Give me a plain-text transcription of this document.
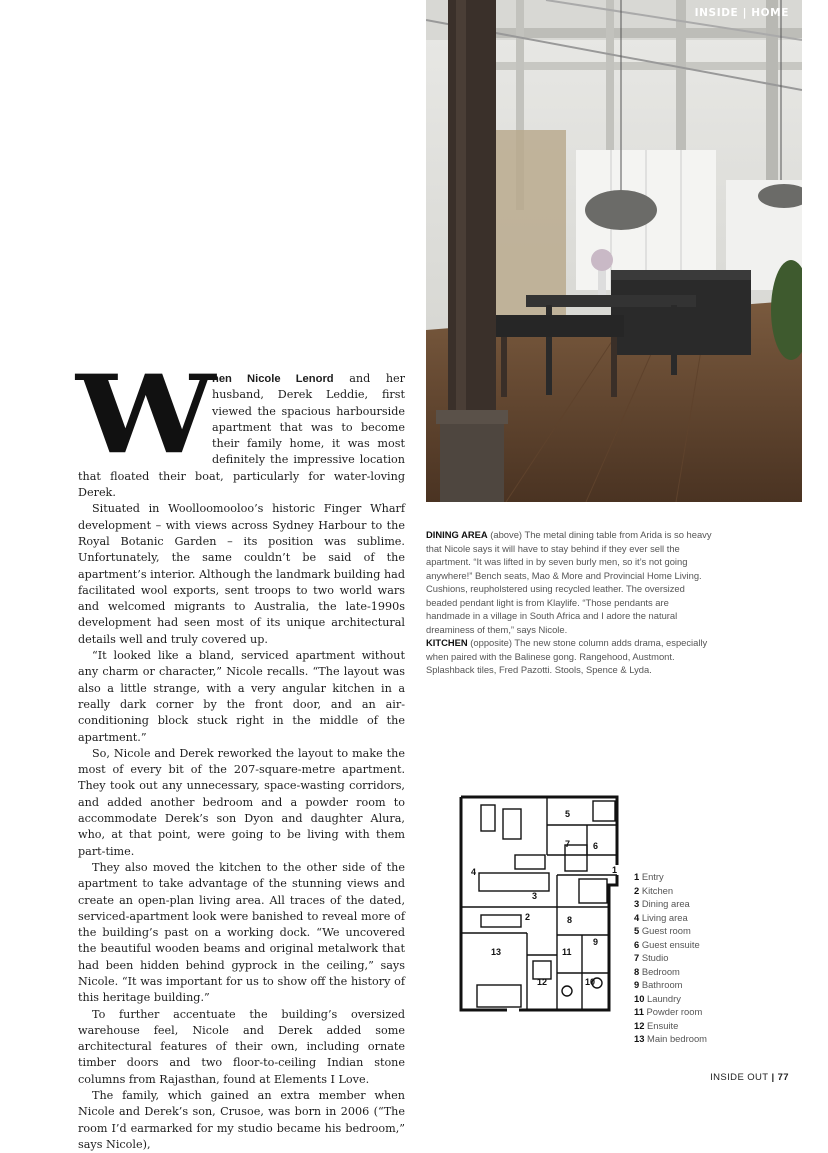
INSIDE | HOME

When Nicole Lenord and her husband, Derek Leddie, first viewed the spacious harbourside apartment that was to become their family home, it was most definitely the impressive location that floated their boat, particularly for water-loving Derek.

Situated in Woolloomooloo’s historic Finger Wharf development – with views across Sydney Harbour to the Royal Botanic Garden – its position was sublime. Unfortunately, the same couldn’t be said of the apartment’s interior. Although the landmark building had facilitated wool exports, sent troops to two world wars and welcomed migrants to Australia, the late-1990s development had seen most of its unique architectural details well and truly covered up.

“It looked like a bland, serviced apartment without any charm or character,” Nicole recalls. “The layout was also a little strange, with a very angular kitchen in a really dark corner by the front door, and an air-conditioning block stuck right in the middle of the apartment.”

So, Nicole and Derek reworked the layout to make the most of every bit of the 207-square-metre apartment. They took out any unnecessary, space-wasting corridors, and added another bedroom and a powder room to accommodate Derek’s son Dyon and daughter Alura, who, at that point, were going to be living with them part-time.

They also moved the kitchen to the other side of the apartment to take advantage of the stunning views and create an open-plan living area. All traces of the dated, serviced-apartment look were banished to reveal more of the building’s past on a working dock. “We uncovered the beautiful wooden beams and original metalwork that had been hidden behind gyprock in the ceiling,” says Nicole. “It was important for us to show off the history of this heritage building.”

To further accentuate the building’s oversized warehouse feel, Nicole and Derek added some architectural features of their own, including ornate timber doors and two floor-to-ceiling Indian stone columns from Rajasthan, found at Elements I Love.

The family, which gained an extra member when Nicole and Derek’s son, Crusoe, was born in 2006 (“The room I’d earmarked for my studio became his bedroom,” says Nicole),

DINING AREA (above) The metal dining table from Arida is so heavy that Nicole says it will have to stay behind if they ever sell the apartment. “It was lifted in by seven burly men, so it’s not going anywhere!” Bench seats, Mao & More and Provincial Home Living. Cushions, reupholstered using recycled leather. The oversized beaded pendant light is from Klaylife. “Those pendants are handmade in a village in South Africa and I adore the natural dreaminess of them,” says Nicole.
KITCHEN (opposite) The new stone column adds drama, especially when paired with the Balinese gong. Rangehood, Austmont. Splashback tiles, Fred Pazotti. Stools, Spence & Lyda.
1
2
3
4
5
6
7
8
9
10
11
12
13
1 Entry
2 Kitchen
3 Dining area
4 Living area
5 Guest room
6 Guest ensuite
7 Studio
8 Bedroom
9 Bathroom
10 Laundry
11 Powder room
12 Ensuite
13 Main bedroom
INSIDE OUT | 77
